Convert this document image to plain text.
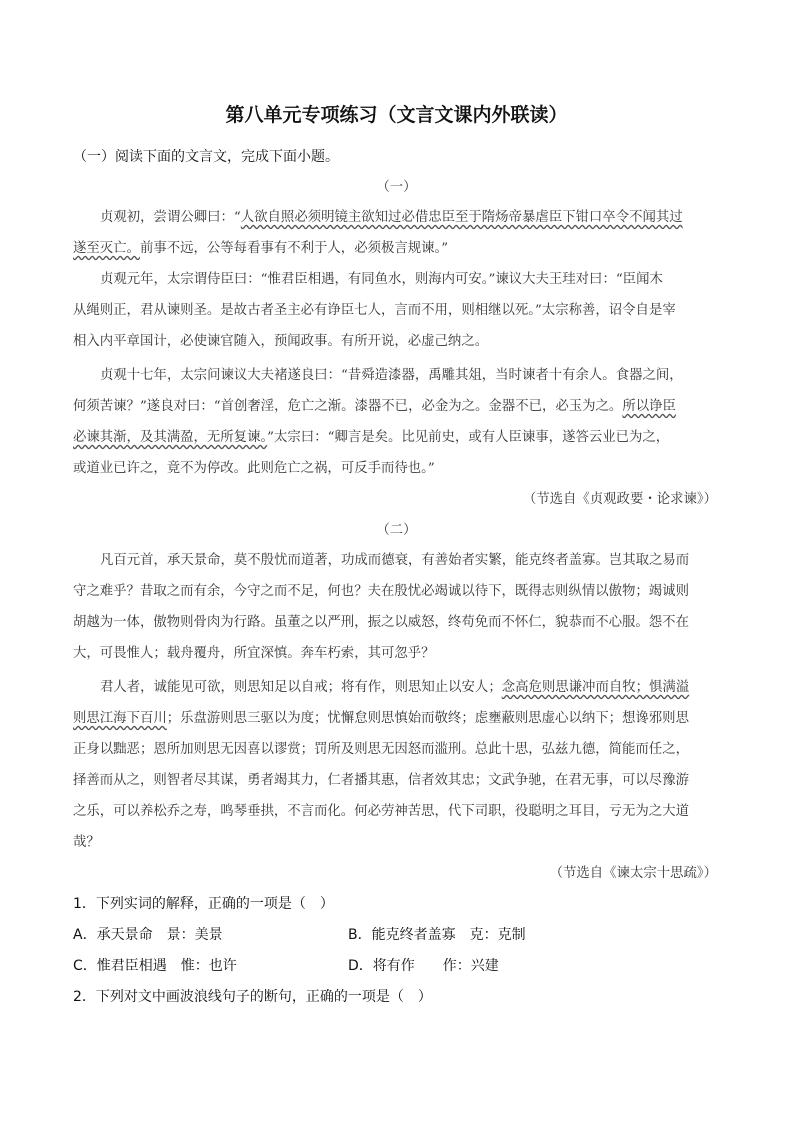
第八单元专项练习（文言文课内外联读）
（一）阅读下面的文言文，完成下面小题。
（一）
贞观初，尝谓公卿曰：“人欲自照必须明镜主欲知过必借忠臣至于隋炀帝暴虐臣下钳口卒令不闻其过
遂至灭亡。前事不远，公等每看事有不利于人，必须极言规谏。”
贞观元年，太宗谓侍臣曰：“惟君臣相遇，有同鱼水，则海内可安。”谏议大夫王珪对曰：“臣闻木
从绳则正，君从谏则圣。是故古者圣主必有诤臣七人，言而不用，则相继以死。”太宗称善，诏令自是宰
相入内平章国计，必使谏官随入，预闻政事。有所开说，必虚己纳之。
贞观十七年，太宗问谏议大夫褚遂良曰：“昔舜造漆器，禹雕其俎，当时谏者十有余人。食器之间，
何须苦谏？”遂良对曰：“首创奢淫，危亡之渐。漆器不已，必金为之。金器不已，必玉为之。所以诤臣
必谏其渐，及其满盈，无所复谏。”太宗曰：“卿言是矣。比见前史，或有人臣谏事，遂答云业已为之，
或道业已许之，竟不为停改。此则危亡之祸，可反手而待也。”
（节选自《贞观政要・论求谏》）
（二）
凡百元首，承天景命，莫不殷忧而道著，功成而德衰，有善始者实繁，能克终者盖寡。岂其取之易而
守之难乎？昔取之而有余，今守之而不足，何也？夫在殷忧必竭诚以待下，既得志则纵情以傲物；竭诚则
胡越为一体，傲物则骨肉为行路。虽董之以严刑，振之以威怒，终苟免而不怀仁，貌恭而不心服。怨不在
大，可畏惟人；载舟覆舟，所宜深慎。奔车朽索，其可忽乎？
君人者，诚能见可欲，则思知足以自戒；将有作，则思知止以安人；念高危则思谦冲而自牧；惧满溢
则思江海下百川；乐盘游则思三驱以为度；忧懈怠则思慎始而敬终；虑壅蔽则思虚心以纳下；想谗邪则思
正身以黜恶；恩所加则思无因喜以谬赏；罚所及则思无因怒而滥刑。总此十思，弘兹九德，简能而任之，
择善而从之，则智者尽其谋，勇者竭其力，仁者播其惠，信者效其忠；文武争驰，在君无事，可以尽豫游
之乐，可以养松乔之寿，鸣琴垂拱，不言而化。何必劳神苦思，代下司职，役聪明之耳目，亏无为之大道
哉？
（节选自《谏太宗十思疏》）
1．下列实词的解释，正确的一项是（　）
A．承天景命　景：美景	B．能克终者盖寡　克：克制
C．惟君臣相遇　惟：也许	D．将有作　　作：兴建
2．下列对文中画波浪线句子的断句，正确的一项是（　）
